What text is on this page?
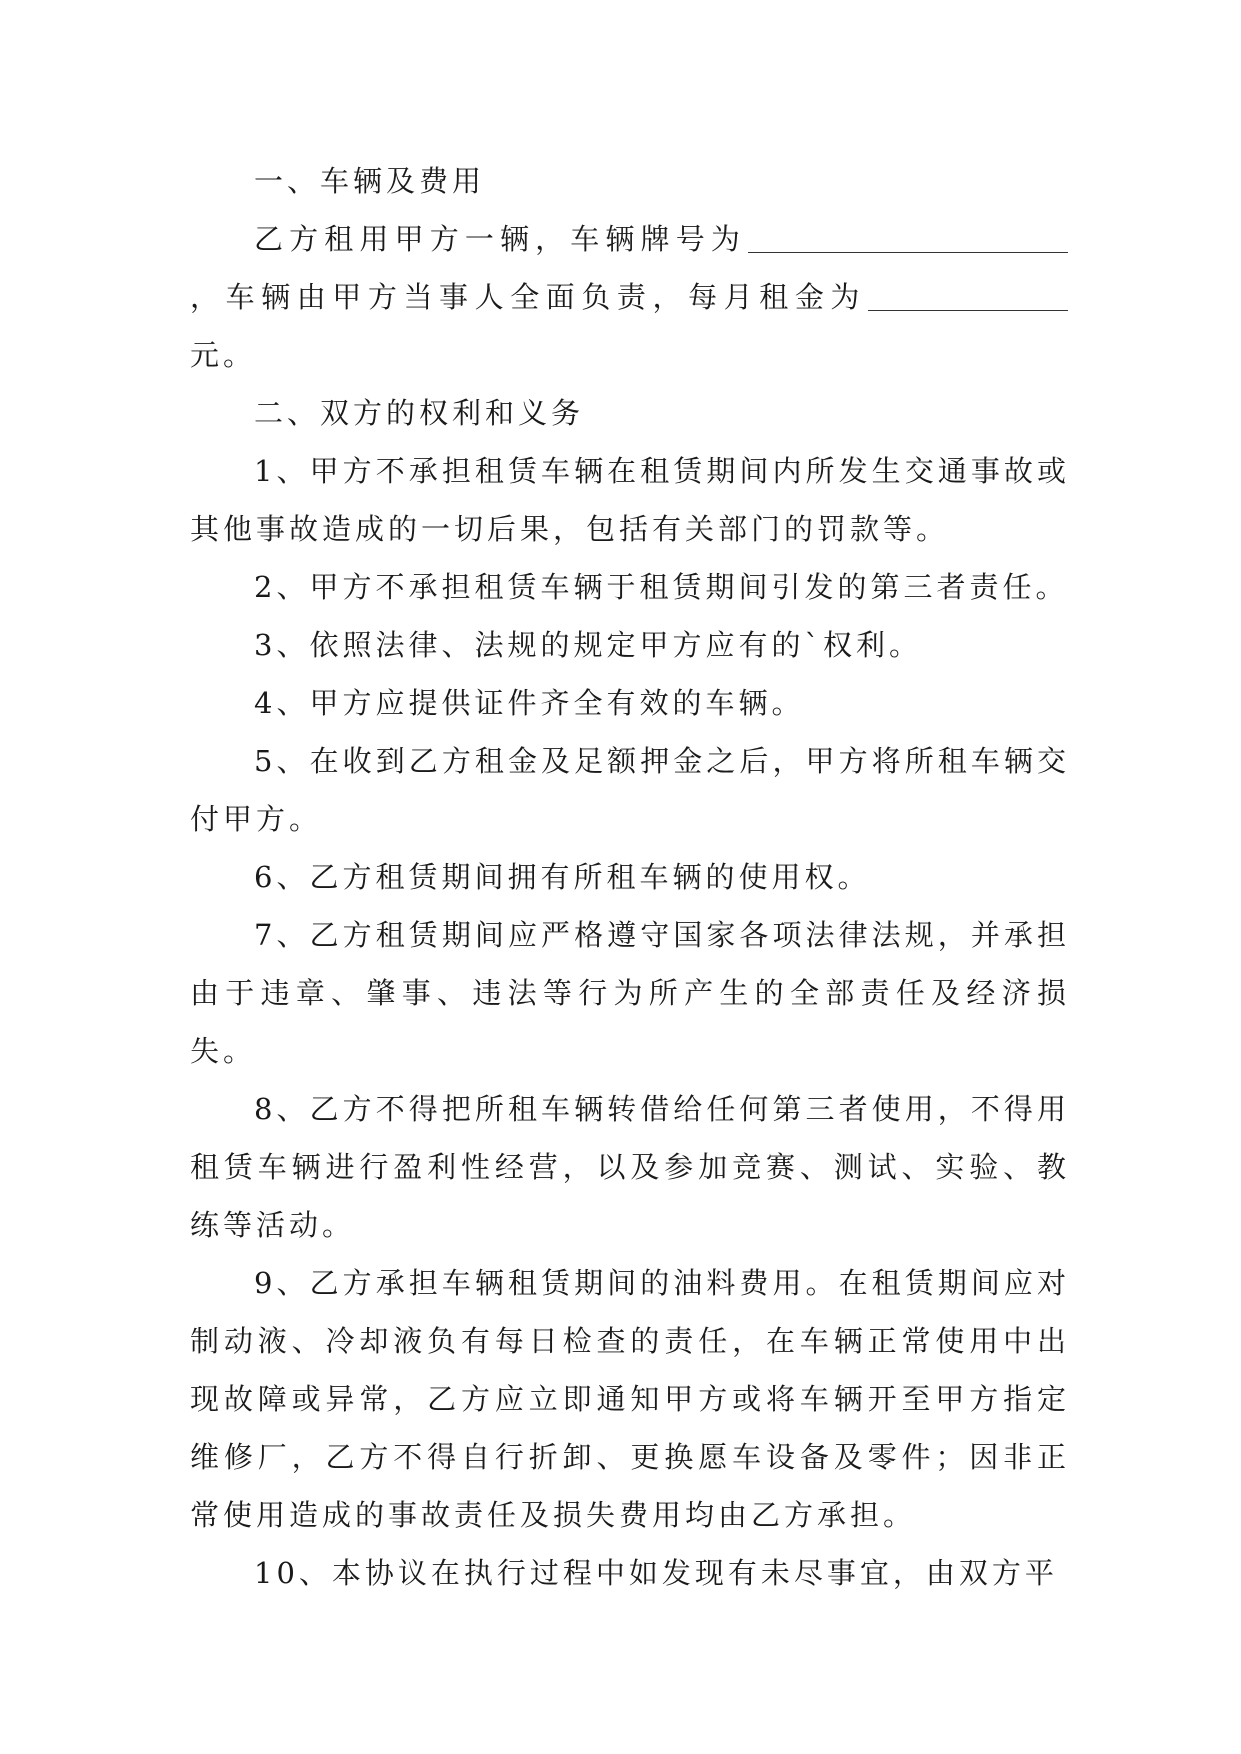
一、车辆及费用

乙方租用甲方一辆，车辆牌号为，车辆由甲方当事人全面负责，每月租金为元。

二、双方的权利和义务

1、甲方不承担租赁车辆在租赁期间内所发生交通事故或其他事故造成的一切后果，包括有关部门的罚款等。

2、甲方不承担租赁车辆于租赁期间引发的第三者责任。

3、依照法律、法规的规定甲方应有的`权利。

4、甲方应提供证件齐全有效的车辆。

5、在收到乙方租金及足额押金之后，甲方将所租车辆交付甲方。

6、乙方租赁期间拥有所租车辆的使用权。

7、乙方租赁期间应严格遵守国家各项法律法规，并承担由于违章、肇事、违法等行为所产生的全部责任及经济损失。

8、乙方不得把所租车辆转借给任何第三者使用，不得用租赁车辆进行盈利性经营，以及参加竞赛、测试、实验、教练等活动。

9、乙方承担车辆租赁期间的油料费用。在租赁期间应对制动液、冷却液负有每日检查的责任，在车辆正常使用中出现故障或异常，乙方应立即通知甲方或将车辆开至甲方指定维修厂，乙方不得自行折卸、更换愿车设备及零件；因非正常使用造成的事故责任及损失费用均由乙方承担。

10、本协议在执行过程中如发现有未尽事宜，由双方平
